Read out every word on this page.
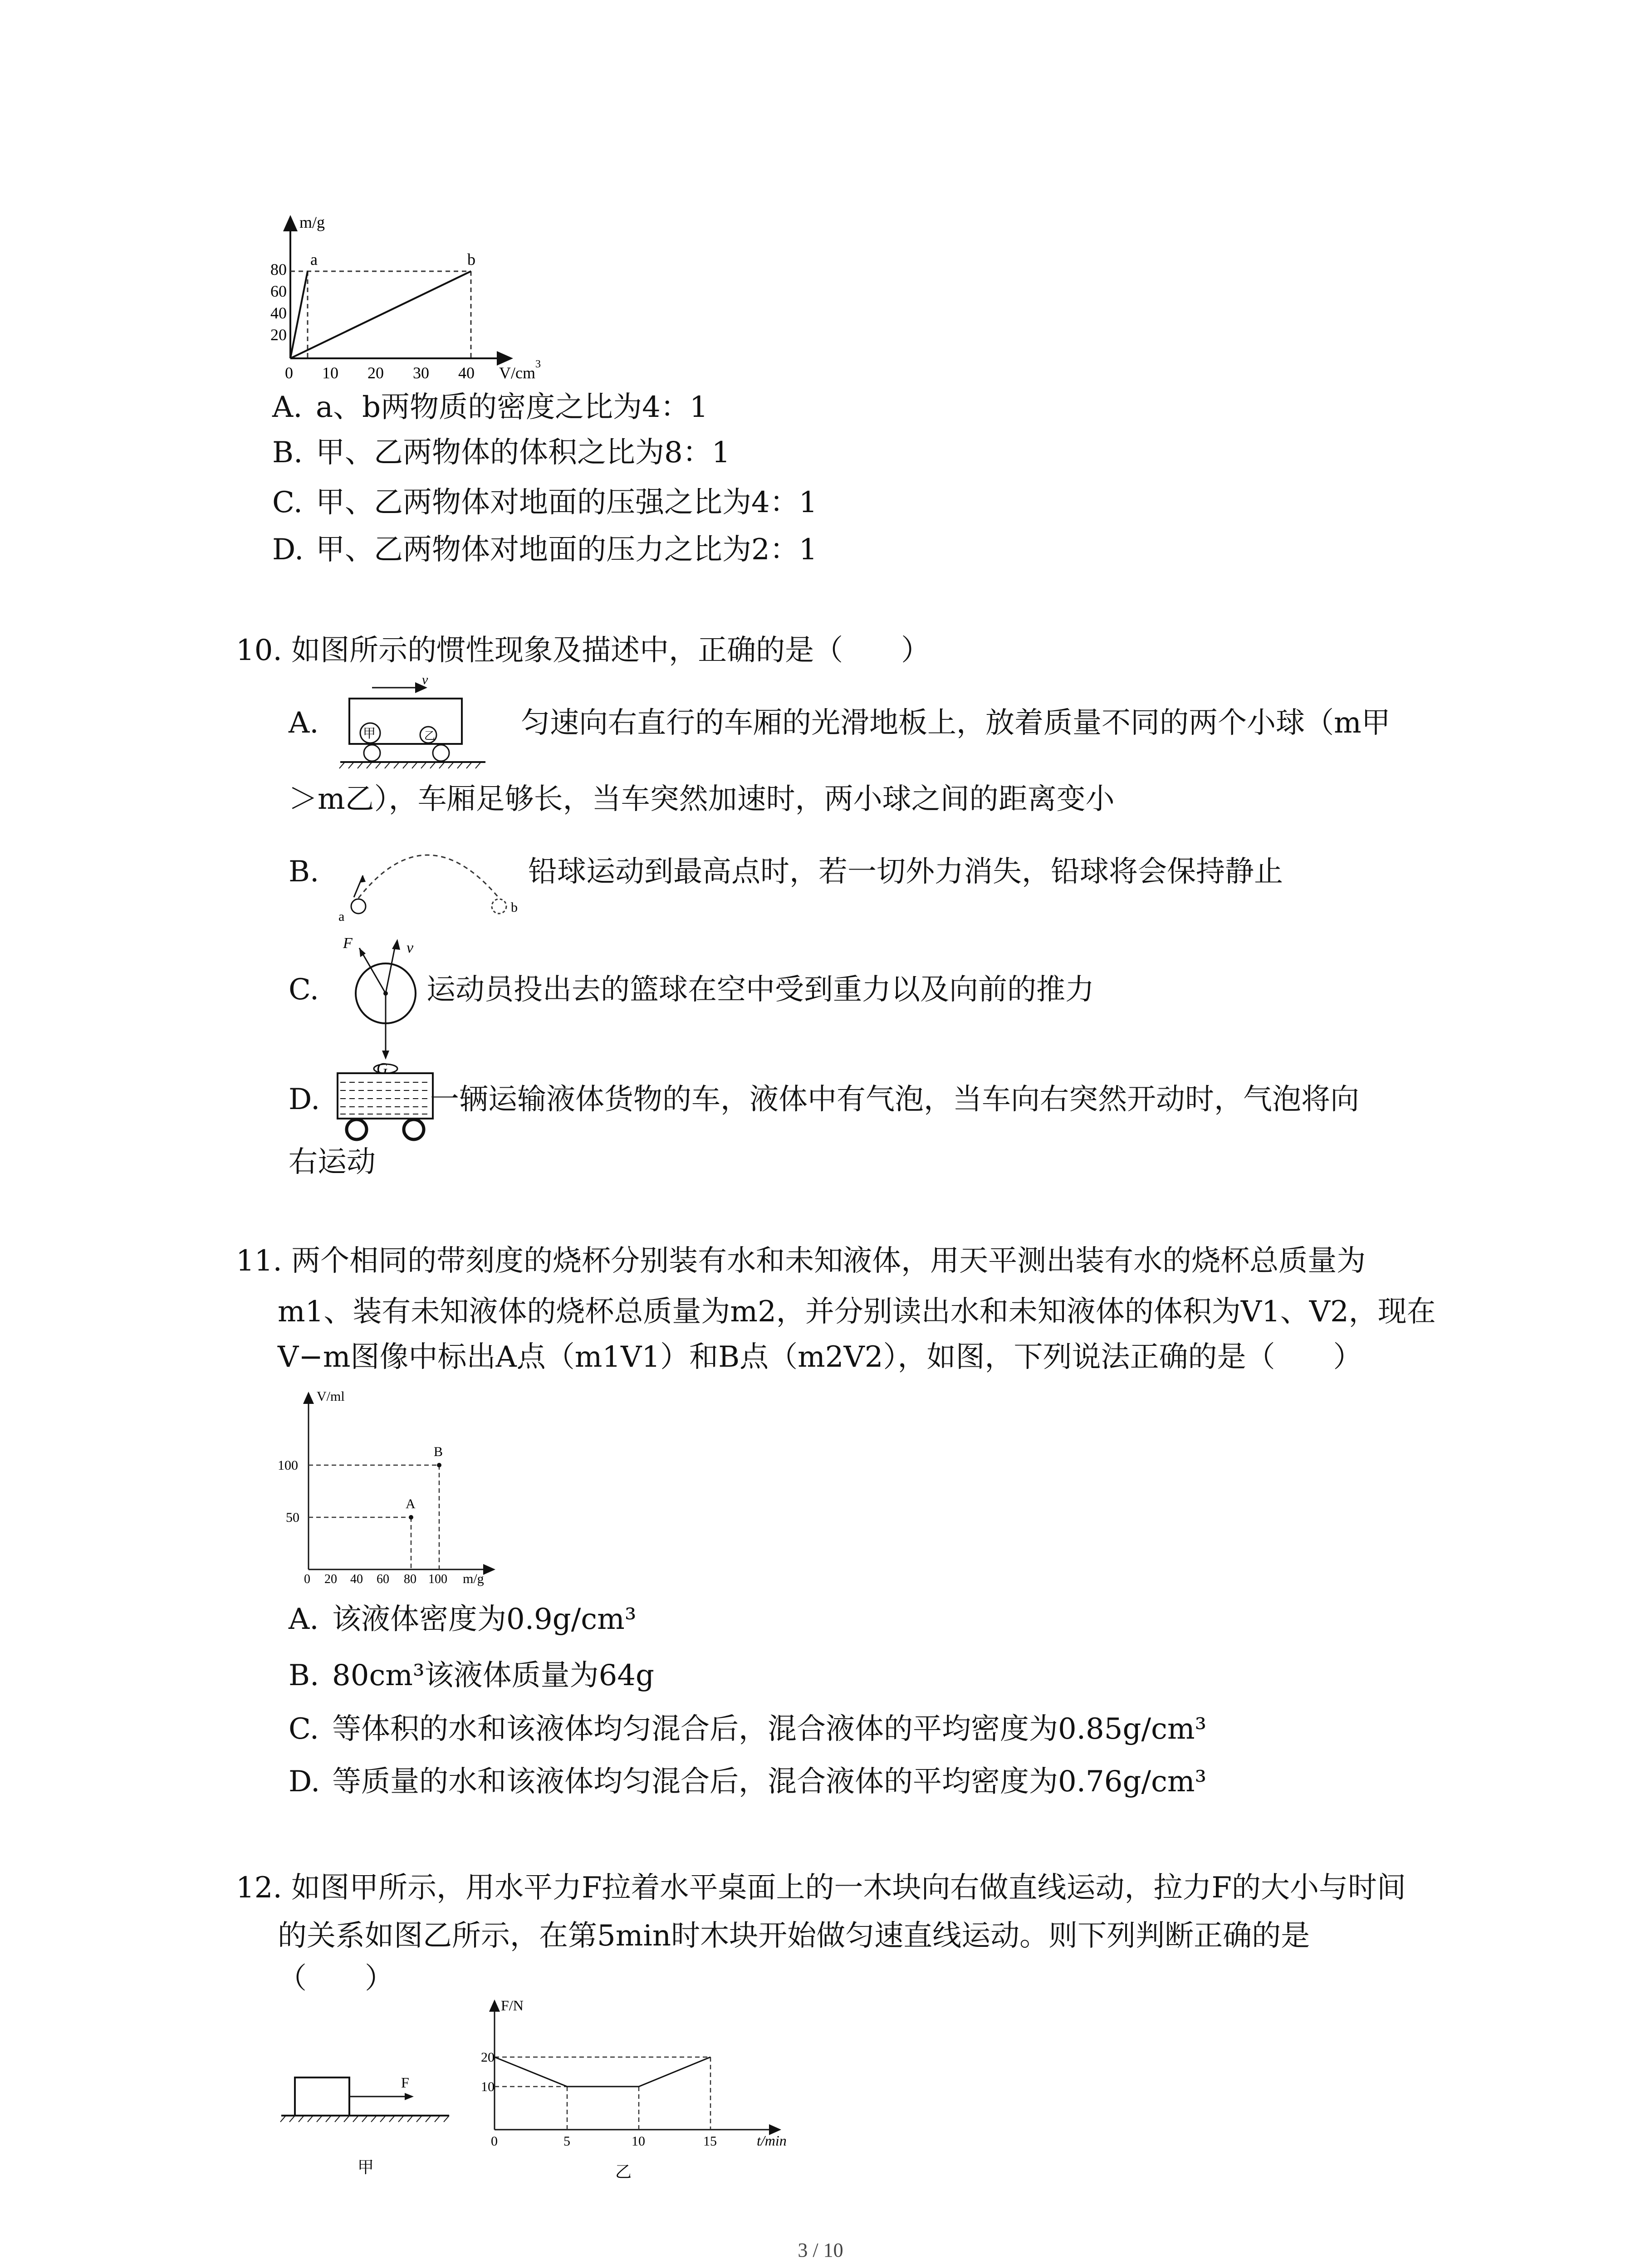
80
60
40
20
0 10 20 30 40
m/g
V/cm 3
a	b
A. a、b两物质的密度之比为4：1
B. 甲、乙两物体的体积之比为8：1
C. 甲、乙两物体对地面的压强之比为4：1
D. 甲、乙两物体对地面的压力之比为2：1
10. 如图所示的惯性现象及描述中，正确的是（　　）
A.
v
甲	乙	匀速向右直行的车厢的光滑地板上，放着质量不同的两个小球（m甲
＞m乙），车厢足够长，当车突然加速时，两小球之间的距离变小
B.
a
b
铅球运动到最高点时，若一切外力消失，铅球将会保持静止
C.
F	v
G
运动员投出去的篮球在空中受到重力以及向前的推力
D.	一辆运输液体货物的车，液体中有气泡，当车向右突然开动时，气泡将向
右运动
11. 两个相同的带刻度的烧杯分别装有水和未知液体，用天平测出装有水的烧杯总质量为
m1、装有未知液体的烧杯总质量为m2，并分别读出水和未知液体的体积为V1、V2，现在
V−m图像中标出A点（m1V1）和B点（m2V2），如图，下列说法正确的是（　　）
V/ml
m/g
100
50
0 20 40 60 80 100
A
B
A. 该液体密度为0.9g/cm³
B. 80cm³该液体质量为64g
C. 等体积的水和该液体均匀混合后，混合液体的平均密度为0.85g/cm³
D. 等质量的水和该液体均匀混合后，混合液体的平均密度为0.76g/cm³
12. 如图甲所示，用水平力F拉着水平桌面上的一木块向右做直线运动，拉力F的大小与时间
的关系如图乙所示，在第5min时木块开始做匀速直线运动。则下列判断正确的是
（　　）
F
甲
F/N
t/min
20
10
0	5	10	15
乙
3 / 10
